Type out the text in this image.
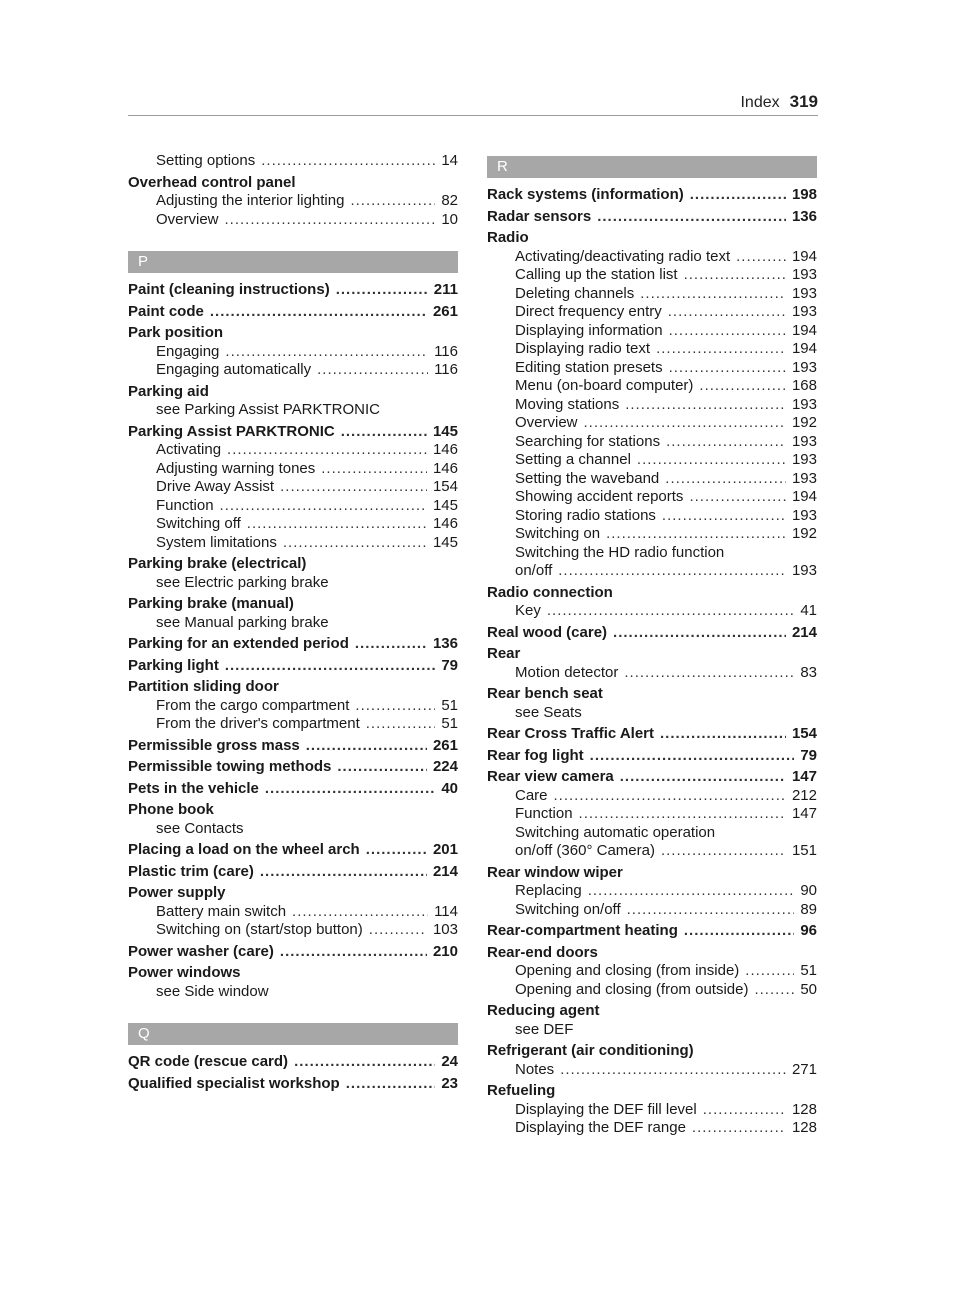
Index 319
Setting options .....	14
Overhead control panel
Adjusting the interior lighting .....	82
Overview .....	10
P
Paint (cleaning instructions) .....	211
Paint code .....	261
Park position
Engaging .....	116
Engaging automatically .....	116
Parking aid
see Parking Assist PARKTRONIC
Parking Assist PARKTRONIC .....	145
Activating .....	146
Adjusting warning tones .....	146
Drive Away Assist .....	154
Function .....	145
Switching off .....	146
System limitations .....	145
Parking brake (electrical)
see Electric parking brake
Parking brake (manual)
see Manual parking brake
Parking for an extended period .....	136
Parking light .....	79
Partition sliding door
From the cargo compartment .....	51
From the driver's compartment .....	51
Permissible gross mass .....	261
Permissible towing methods .....	224
Pets in the vehicle .....	40
Phone book
see Contacts
Placing a load on the wheel arch .....	201
Plastic trim (care) .....	214
Power supply
Battery main switch .....	114
Switching on (start/stop button) .....	103
Power washer (care) .....	210
Power windows
see Side window
Q
QR code (rescue card) .....	24
Qualified specialist workshop .....	23
R
Rack systems (information) .....	198
Radar sensors .....	136
Radio
Activating/deactivating radio text .....	194
Calling up the station list .....	193
Deleting channels .....	193
Direct frequency entry .....	193
Displaying information .....	194
Displaying radio text .....	194
Editing station presets .....	193
Menu (on-board computer) .....	168
Moving stations .....	193
Overview .....	192
Searching for stations .....	193
Setting a channel .....	193
Setting the waveband .....	193
Showing accident reports .....	194
Storing radio stations .....	193
Switching on .....	192
Switching the HD radio function
on/off .....	193
Radio connection
Key .....	41
Real wood (care) .....	214
Rear
Motion detector .....	83
Rear bench seat
see Seats
Rear Cross Traffic Alert .....	154
Rear fog light .....	79
Rear view camera .....	147
Care .....	212
Function .....	147
Switching automatic operation
on/off (360° Camera) .....	151
Rear window wiper
Replacing .....	90
Switching on/off .....	89
Rear-compartment heating .....	96
Rear-end doors
Opening and closing (from inside) .....	51
Opening and closing (from outside) .....	50
Reducing agent
see DEF
Refrigerant (air conditioning)
Notes .....	271
Refueling
Displaying the DEF fill level .....	128
Displaying the DEF range .....	128
